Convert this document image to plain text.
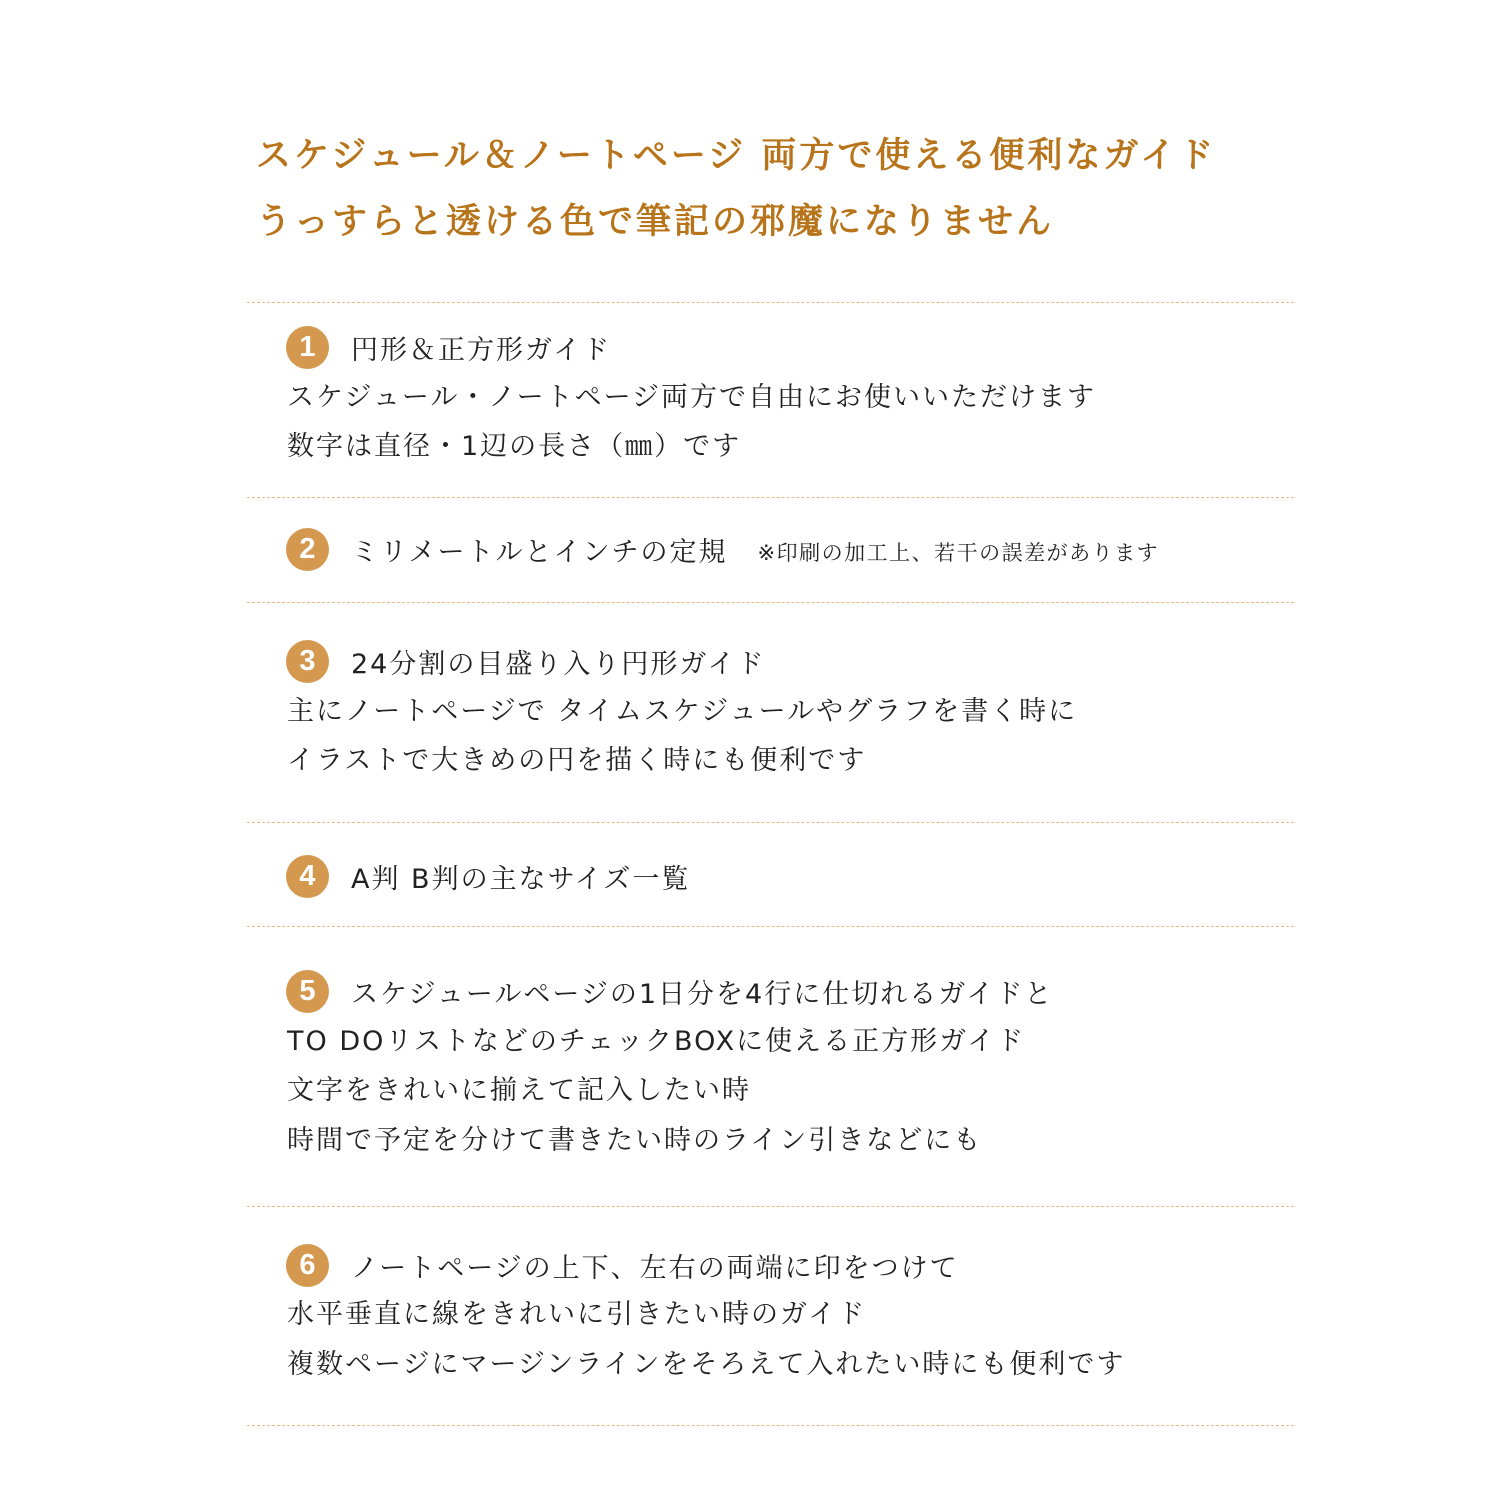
スケジュール＆ノートページ 両方で使える便利なガイド
うっすらと透ける色で筆記の邪魔になりません
1 円形＆正方形ガイド
スケジュール・ノートページ両方で自由にお使いいただけます
数字は直径・1辺の長さ（㎜）です
2 ミリメートルとインチの定規 ※印刷の加工上、若干の誤差があります
3 24分割の目盛り入り円形ガイド
主にノートページで タイムスケジュールやグラフを書く時に
イラストで大きめの円を描く時にも便利です
4 A判 B判の主なサイズ一覧
5 スケジュールページの1日分を4行に仕切れるガイドと
TO DOリストなどのチェックBOXに使える正方形ガイド
文字をきれいに揃えて記入したい時
時間で予定を分けて書きたい時のライン引きなどにも
6 ノートページの上下、左右の両端に印をつけて
水平垂直に線をきれいに引きたい時のガイド
複数ページにマージンラインをそろえて入れたい時にも便利です
